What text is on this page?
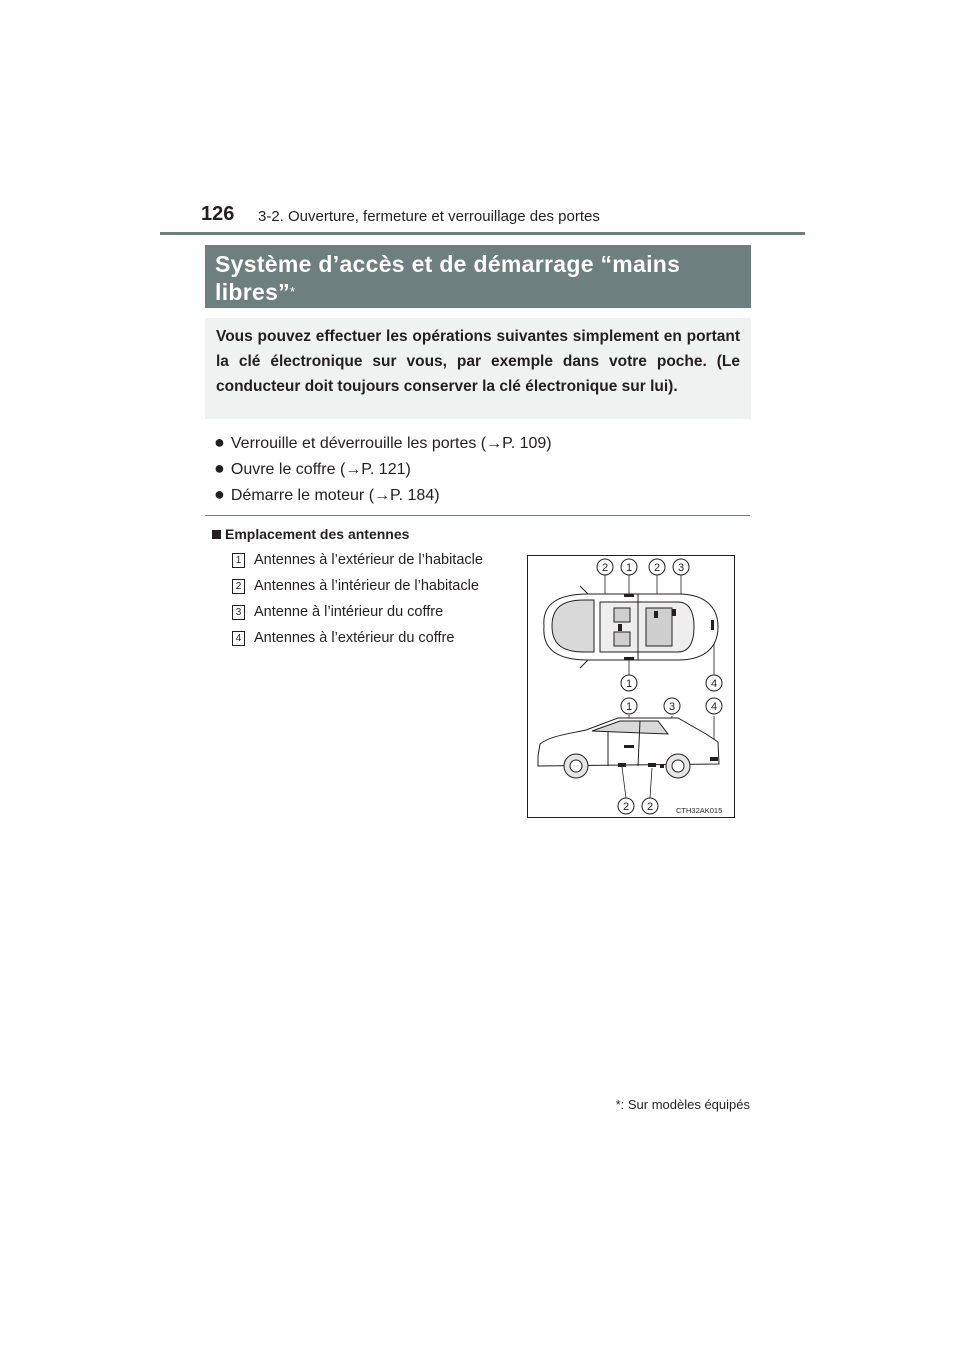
126 3-2. Ouverture, fermeture et verrouillage des portes
Système d’accès et de démarrage “mains libres”*
Vous pouvez effectuer les opérations suivantes simplement en portant la clé électronique sur vous, par exemple dans votre poche. (Le conducteur doit toujours conserver la clé électronique sur lui).
● Verrouille et déverrouille les portes (→P. 109)
● Ouvre le coffre (→P. 121)
● Démarre le moteur (→P. 184)
Emplacement des antennes
1 Antennes à l’extérieur de l’habitacle
2 Antennes à l’intérieur de l’habitacle
3 Antenne à l’intérieur du coffre
4 Antennes à l’extérieur du coffre
2 1 2 3
1	4
1	3	4
2 2	CTH32AK015
*: Sur modèles équipés
